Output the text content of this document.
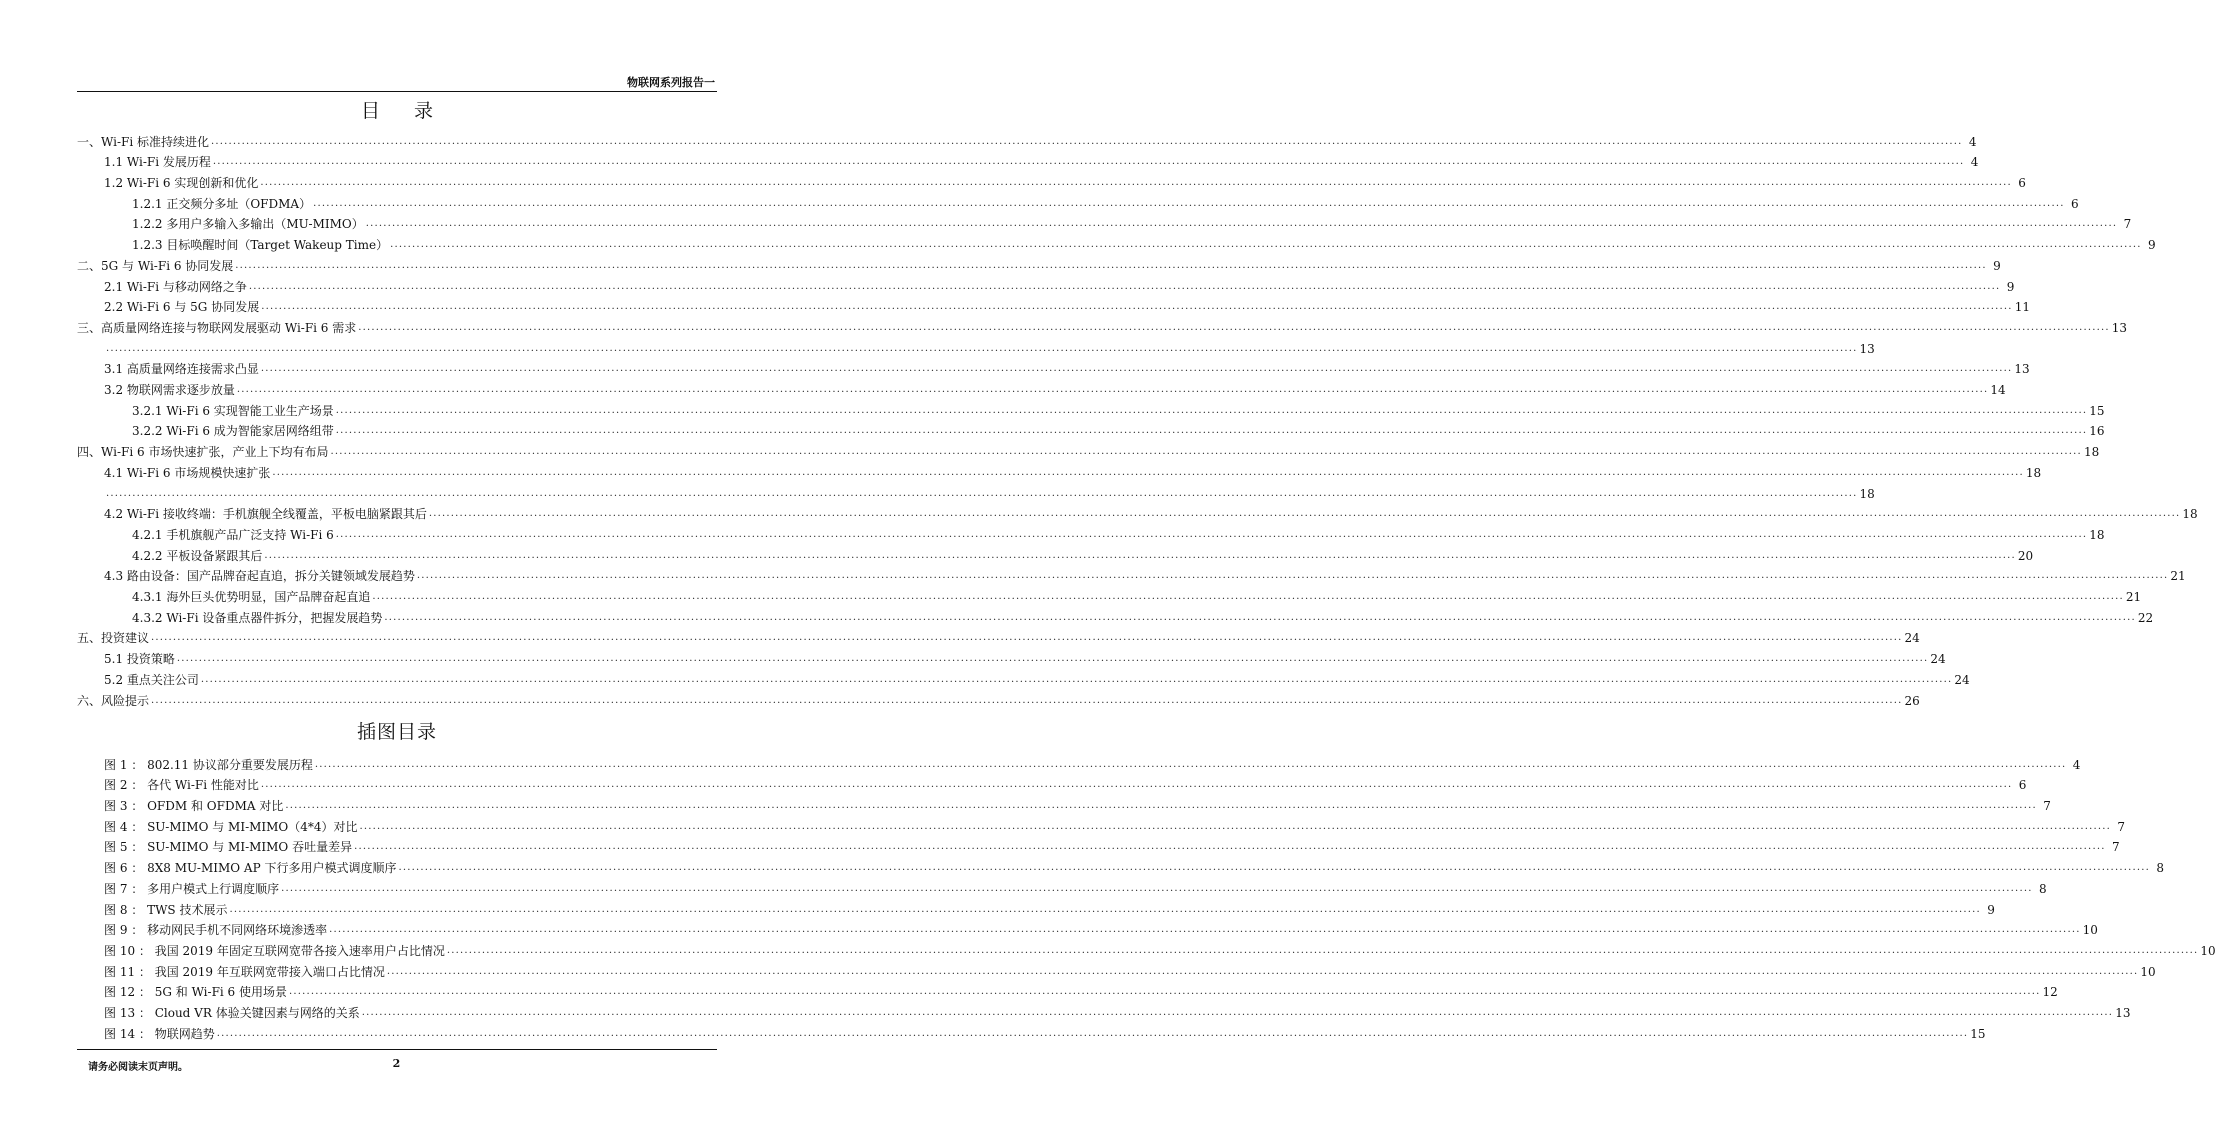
物联网系列报告一
目 录
一、Wi-Fi 标准持续进化 ................................................................................................................................................................................................................................................................................................................................................................................................................ 4
1.1 Wi-Fi 发展历程 ................................................................................................................................................................................................................................................................................................................................................................................................................ 4
1.2 Wi-Fi 6 实现创新和优化 ................................................................................................................................................................................................................................................................................................................................................................................................................ 6
1.2.1 正交频分多址（OFDMA） ................................................................................................................................................................................................................................................................................................................................................................................................................ 6
1.2.2 多用户多输入多输出（MU-MIMO） ................................................................................................................................................................................................................................................................................................................................................................................................................ 7
1.2.3 目标唤醒时间（Target Wakeup Time） ................................................................................................................................................................................................................................................................................................................................................................................................................ 9
二、5G 与 Wi-Fi 6 协同发展 ................................................................................................................................................................................................................................................................................................................................................................................................................ 9
2.1 Wi-Fi 与移动网络之争 ................................................................................................................................................................................................................................................................................................................................................................................................................ 9
2.2 Wi-Fi 6 与 5G 协同发展 ................................................................................................................................................................................................................................................................................................................................................................................................................ 11
三、高质量网络连接与物联网发展驱动 Wi-Fi 6 需求 ................................................................................................................................................................................................................................................................................................................................................................................................................ 13
................................................................................................................................................................................................................................................................................................................................................................................................................ 13
3.1 高质量网络连接需求凸显 ................................................................................................................................................................................................................................................................................................................................................................................................................ 13
3.2 物联网需求逐步放量 ................................................................................................................................................................................................................................................................................................................................................................................................................ 14
3.2.1 Wi-Fi 6 实现智能工业生产场景 ................................................................................................................................................................................................................................................................................................................................................................................................................ 15
3.2.2 Wi-Fi 6 成为智能家居网络组带 ................................................................................................................................................................................................................................................................................................................................................................................................................ 16
四、Wi-Fi 6 市场快速扩张，产业上下均有布局 ................................................................................................................................................................................................................................................................................................................................................................................................................ 18
4.1 Wi-Fi 6 市场规模快速扩张 ................................................................................................................................................................................................................................................................................................................................................................................................................ 18
................................................................................................................................................................................................................................................................................................................................................................................................................ 18
4.2 Wi-Fi 接收终端：手机旗舰全线覆盖，平板电脑紧跟其后 ................................................................................................................................................................................................................................................................................................................................................................................................................ 18
4.2.1 手机旗舰产品广泛支持 Wi-Fi 6 ................................................................................................................................................................................................................................................................................................................................................................................................................ 18
4.2.2 平板设备紧跟其后 ................................................................................................................................................................................................................................................................................................................................................................................................................ 20
4.3 路由设备：国产品牌奋起直追，拆分关键领域发展趋势 ................................................................................................................................................................................................................................................................................................................................................................................................................ 21
4.3.1 海外巨头优势明显，国产品牌奋起直追 ................................................................................................................................................................................................................................................................................................................................................................................................................ 21
4.3.2 Wi-Fi 设备重点器件拆分，把握发展趋势 ................................................................................................................................................................................................................................................................................................................................................................................................................ 22
五、投资建议 ................................................................................................................................................................................................................................................................................................................................................................................................................ 24
5.1 投资策略 ................................................................................................................................................................................................................................................................................................................................................................................................................ 24
5.2 重点关注公司 ................................................................................................................................................................................................................................................................................................................................................................................................................ 24
六、风险提示 ................................................................................................................................................................................................................................................................................................................................................................................................................ 26
插图目录
图 1 ： 802.11 协议部分重要发展历程 ................................................................................................................................................................................................................................................................................................................................................................................................................ 4
图 2 ： 各代 Wi-Fi 性能对比 ................................................................................................................................................................................................................................................................................................................................................................................................................ 6
图 3 ： OFDM 和 OFDMA 对比 ................................................................................................................................................................................................................................................................................................................................................................................................................ 7
图 4 ： SU-MIMO 与 MI-MIMO（4*4）对比 ................................................................................................................................................................................................................................................................................................................................................................................................................ 7
图 5 ： SU-MIMO 与 MI-MIMO 吞吐量差异 ................................................................................................................................................................................................................................................................................................................................................................................................................ 7
图 6 ： 8X8 MU-MIMO AP 下行多用户模式调度顺序 ................................................................................................................................................................................................................................................................................................................................................................................................................ 8
图 7 ： 多用户模式上行调度顺序 ................................................................................................................................................................................................................................................................................................................................................................................................................ 8
图 8 ： TWS 技术展示 ................................................................................................................................................................................................................................................................................................................................................................................................................ 9
图 9 ： 移动网民手机不同网络环境渗透率 ................................................................................................................................................................................................................................................................................................................................................................................................................ 10
图 10 ： 我国 2019 年固定互联网宽带各接入速率用户占比情况 ................................................................................................................................................................................................................................................................................................................................................................................................................ 10
图 11 ： 我国 2019 年互联网宽带接入端口占比情况 ................................................................................................................................................................................................................................................................................................................................................................................................................ 10
图 12 ： 5G 和 Wi-Fi 6 使用场景 ................................................................................................................................................................................................................................................................................................................................................................................................................ 12
图 13 ： Cloud VR 体验关键因素与网络的关系 ................................................................................................................................................................................................................................................................................................................................................................................................................ 13
图 14 ： 物联网趋势 ................................................................................................................................................................................................................................................................................................................................................................................................................ 15
请务必阅读末页声明。	2
